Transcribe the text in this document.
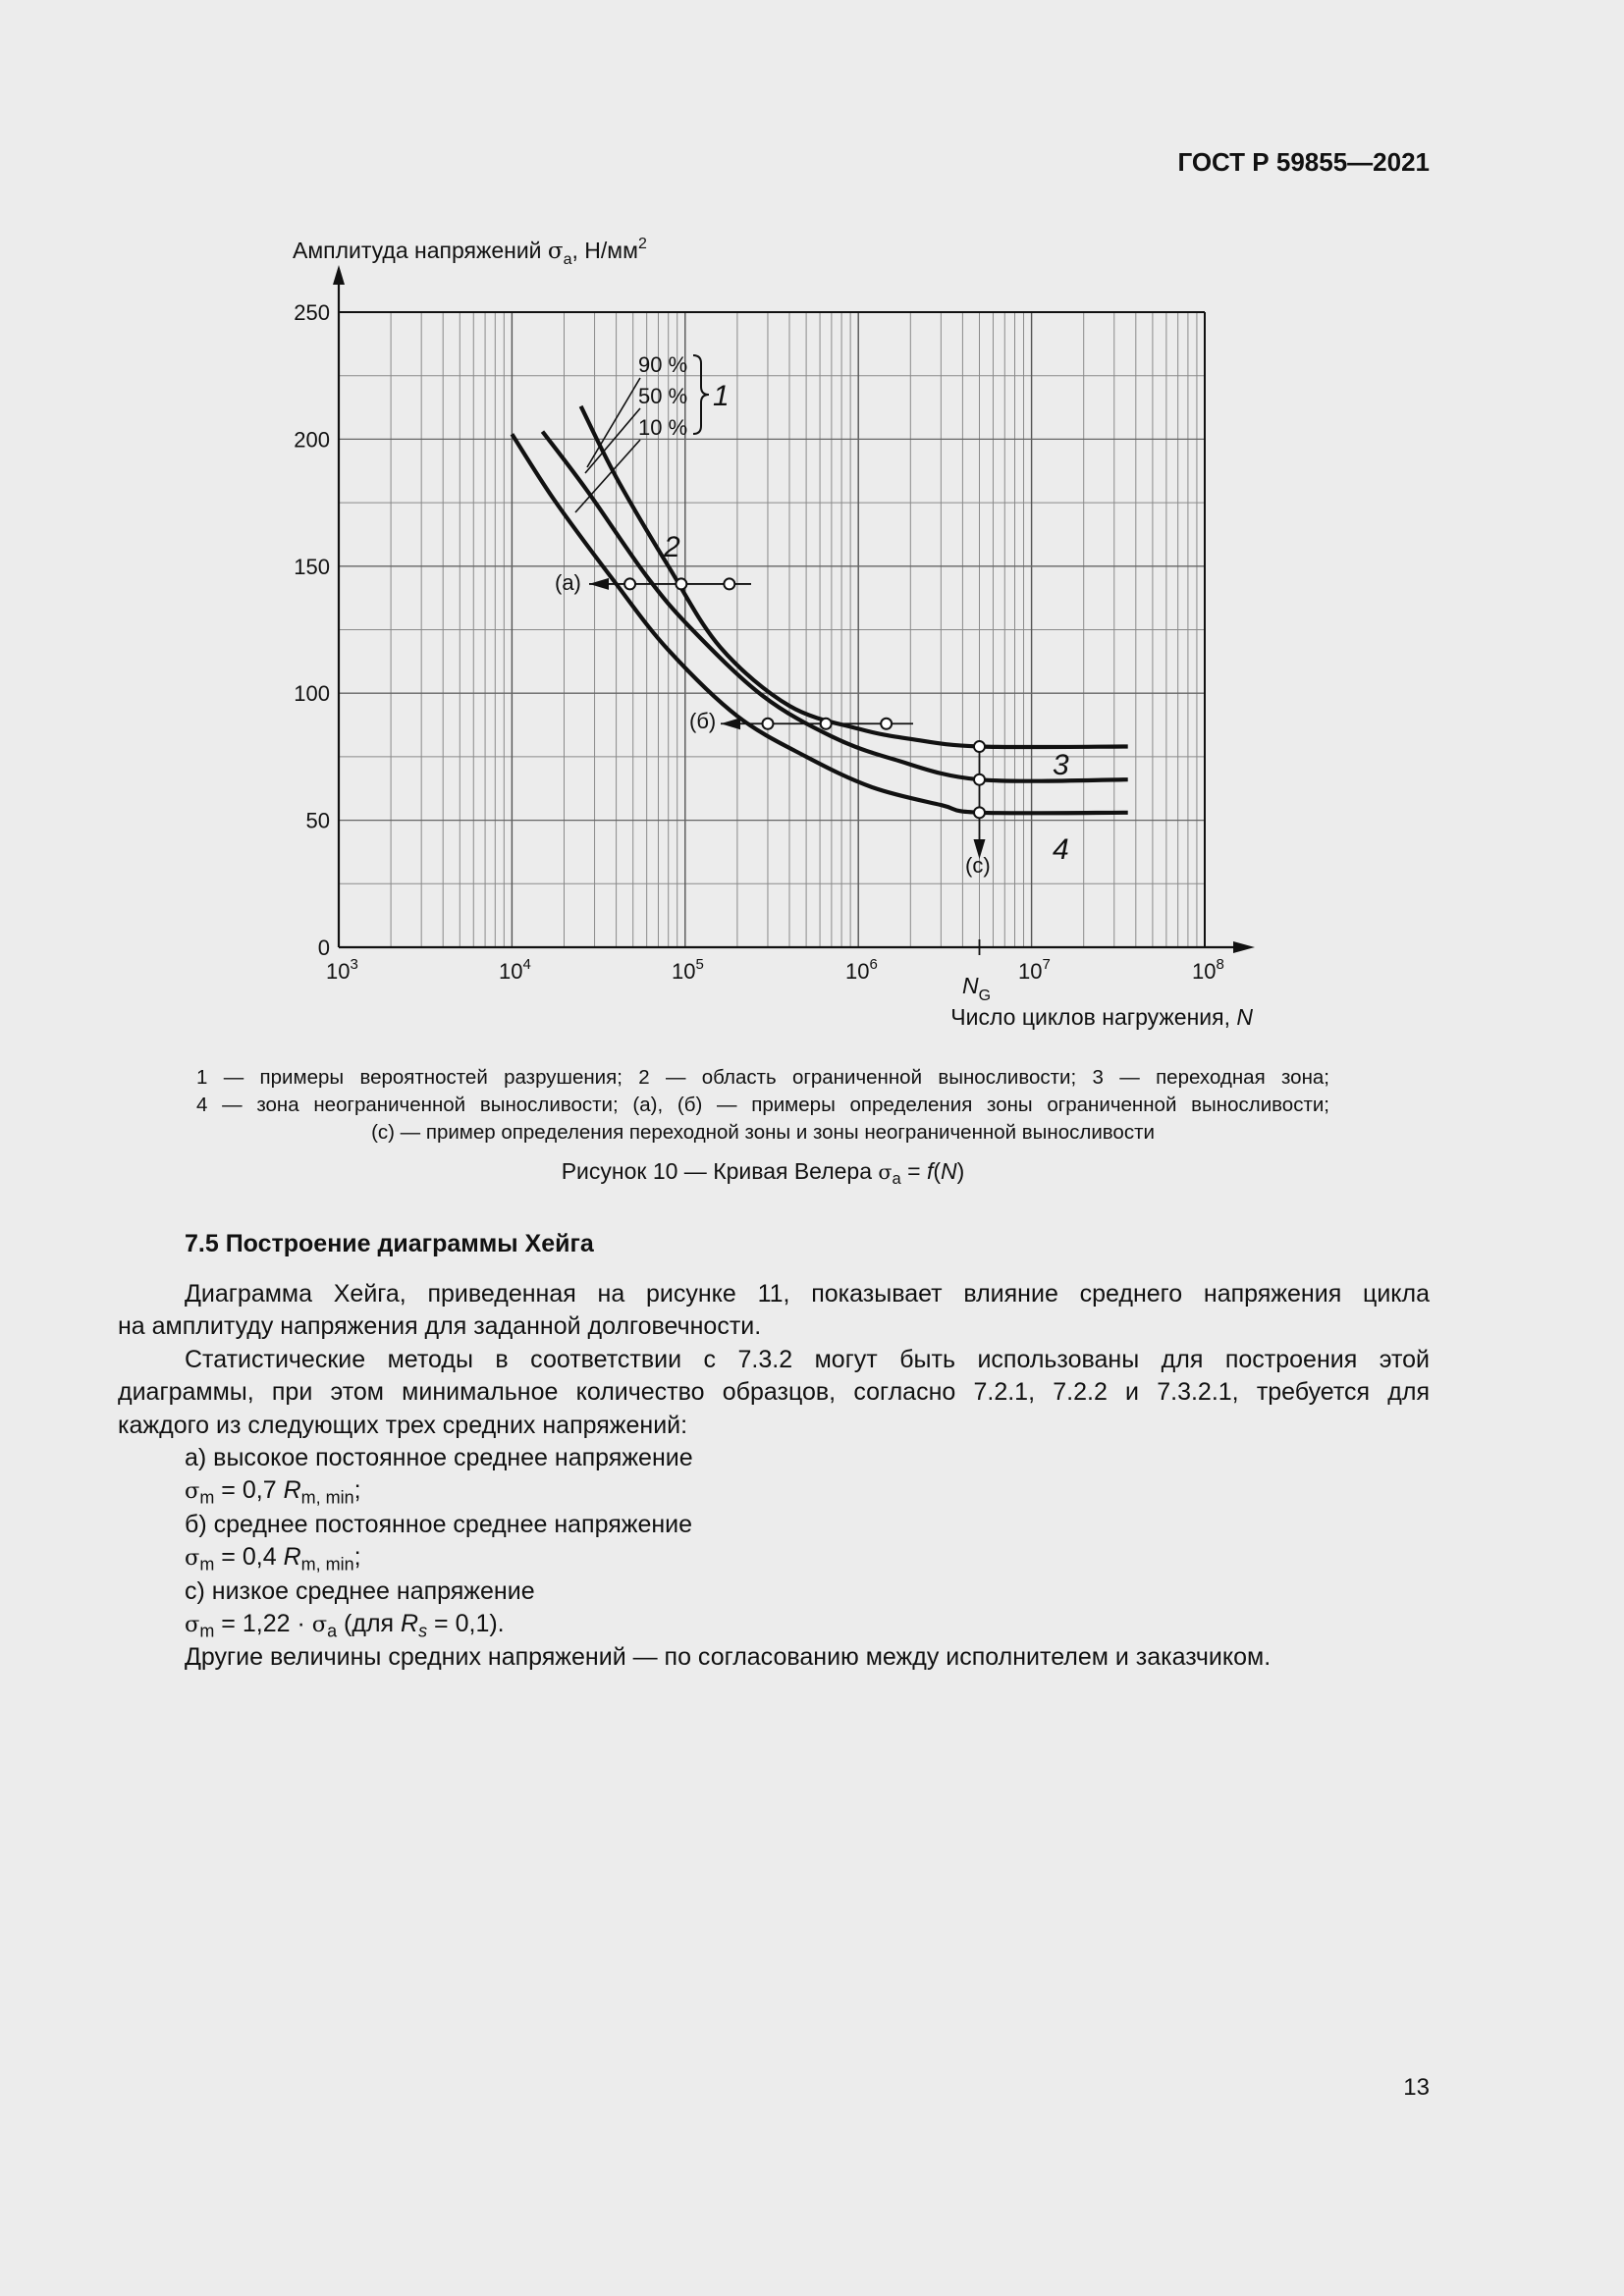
ГОСТ Р 59855—2021
Амплитуда напряжений $\sigma_a$, $Н/мм^2$
0
50
100
150
200
250
$10^3$	$10^4$	$10^5$	$10^6$	$10^7$	$10^8$
$N_G$
Число циклов нагружения, N
90 %
50 %
10 %
1
2
3
4
(а)
(б)
(с)
1 — примеры вероятностей разрушения; 2 — область ограниченной выносливости; 3 — переходная зона;
4 — зона неограниченной выносливости; (а), (б) — примеры определения зоны ограниченной выносливости;
(с) — пример определения переходной зоны и зоны неограниченной выносливости
Рисунок 10 — Кривая Велера $\sigma_a = f(N)$
7.5 Построение диаграммы Хейга
Диаграмма Хейга, приведенная на рисунке 11, показывает влияние среднего напряжения цикла
на амплитуду напряжения для заданной долговечности.
Статистические методы в соответствии с 7.3.2 могут быть использованы для построения этой
диаграммы, при этом минимальное количество образцов, согласно 7.2.1, 7.2.2 и 7.3.2.1, требуется для
каждого из следующих трех средних напряжений:
а) высокое постоянное среднее напряжение
$\sigma_m = 0,7$ $R_{m, min}$;
б) среднее постоянное среднее напряжение
$\sigma_m = 0,4$ $R_{m, min}$;
с) низкое среднее напряжение
$\sigma_m = 1,22 \cdot \sigma_a$ (для $R_s = 0,1$).
Другие величины средних напряжений — по согласованию между исполнителем и заказчиком.
13
